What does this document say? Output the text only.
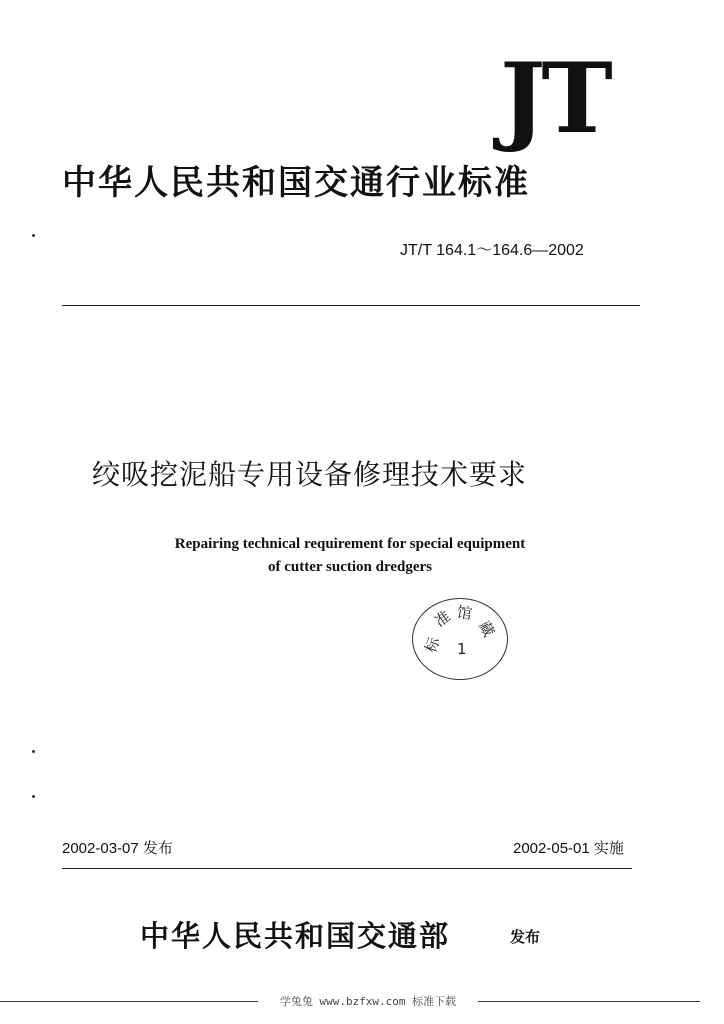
JT
中华人民共和国交通行业标准
JT/T 164.1～164.6—2002
绞吸挖泥船专用设备修理技术要求
Repairing technical requirement for special equipment
of cutter suction dredgers
准 馆
藏
标 1
2002-03-07 发布	2002-05-01 实施
中华人民共和国交通部	发布
学兔兔 www.bzfxw.com 标准下载
